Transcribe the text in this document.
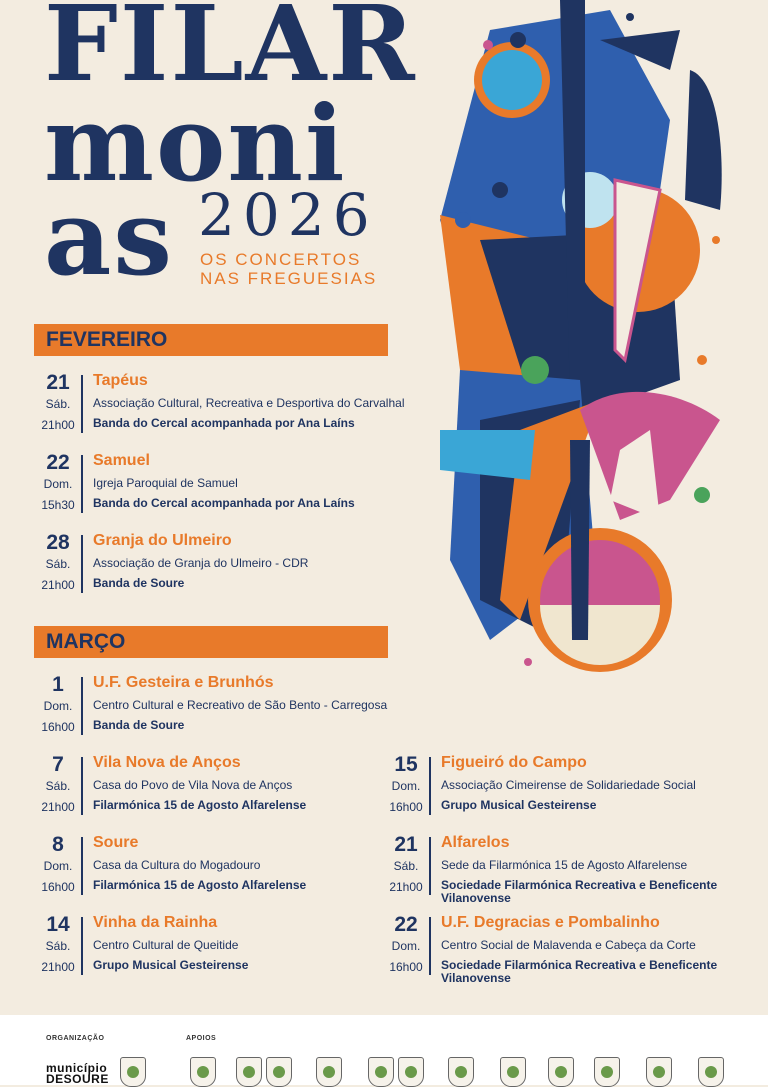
FILAR
moni
as 2026
OS CONCERTOS
NAS FREGUESIAS
FEVEREIRO
21
Sáb.
21h00
Tapéus
Associação Cultural, Recreativa e Desportiva do Carvalhal
Banda do Cercal acompanhada por Ana Laíns
22
Dom.
15h30
Samuel
Igreja Paroquial de Samuel
Banda do Cercal acompanhada por Ana Laíns
28
Sáb.
21h00
Granja do Ulmeiro
Associação de Granja do Ulmeiro - CDR
Banda de Soure
MARÇO
1
Dom.
16h00
U.F. Gesteira e Brunhós
Centro Cultural e Recreativo de São Bento - Carregosa
Banda de Soure
7
Sáb.
21h00
Vila Nova de Anços
Casa do Povo de Vila Nova de Anços
Filarmónica 15 de Agosto Alfarelense
8
Dom.
16h00
Soure
Casa da Cultura do Mogadouro
Filarmónica 15 de Agosto Alfarelense
14
Sáb.
21h00
Vinha da Rainha
Centro Cultural de Queitide
Grupo Musical Gesteirense
15
Dom.
16h00
Figueiró do Campo
Associação Cimeirense de Solidariedade Social
Grupo Musical Gesteirense
21
Sáb.
21h00
Alfarelos
Sede da Filarmónica 15 de Agosto Alfarelense
Sociedade Filarmónica Recreativa e Beneficente Vilanovense
22
Dom.
16h00
U.F. Degracias e Pombalinho
Centro Social de Malavenda e Cabeça da Corte
Sociedade Filarmónica Recreativa e Beneficente Vilanovense
ORGANIZAÇÃO	APOIOS
município
DESOURE
